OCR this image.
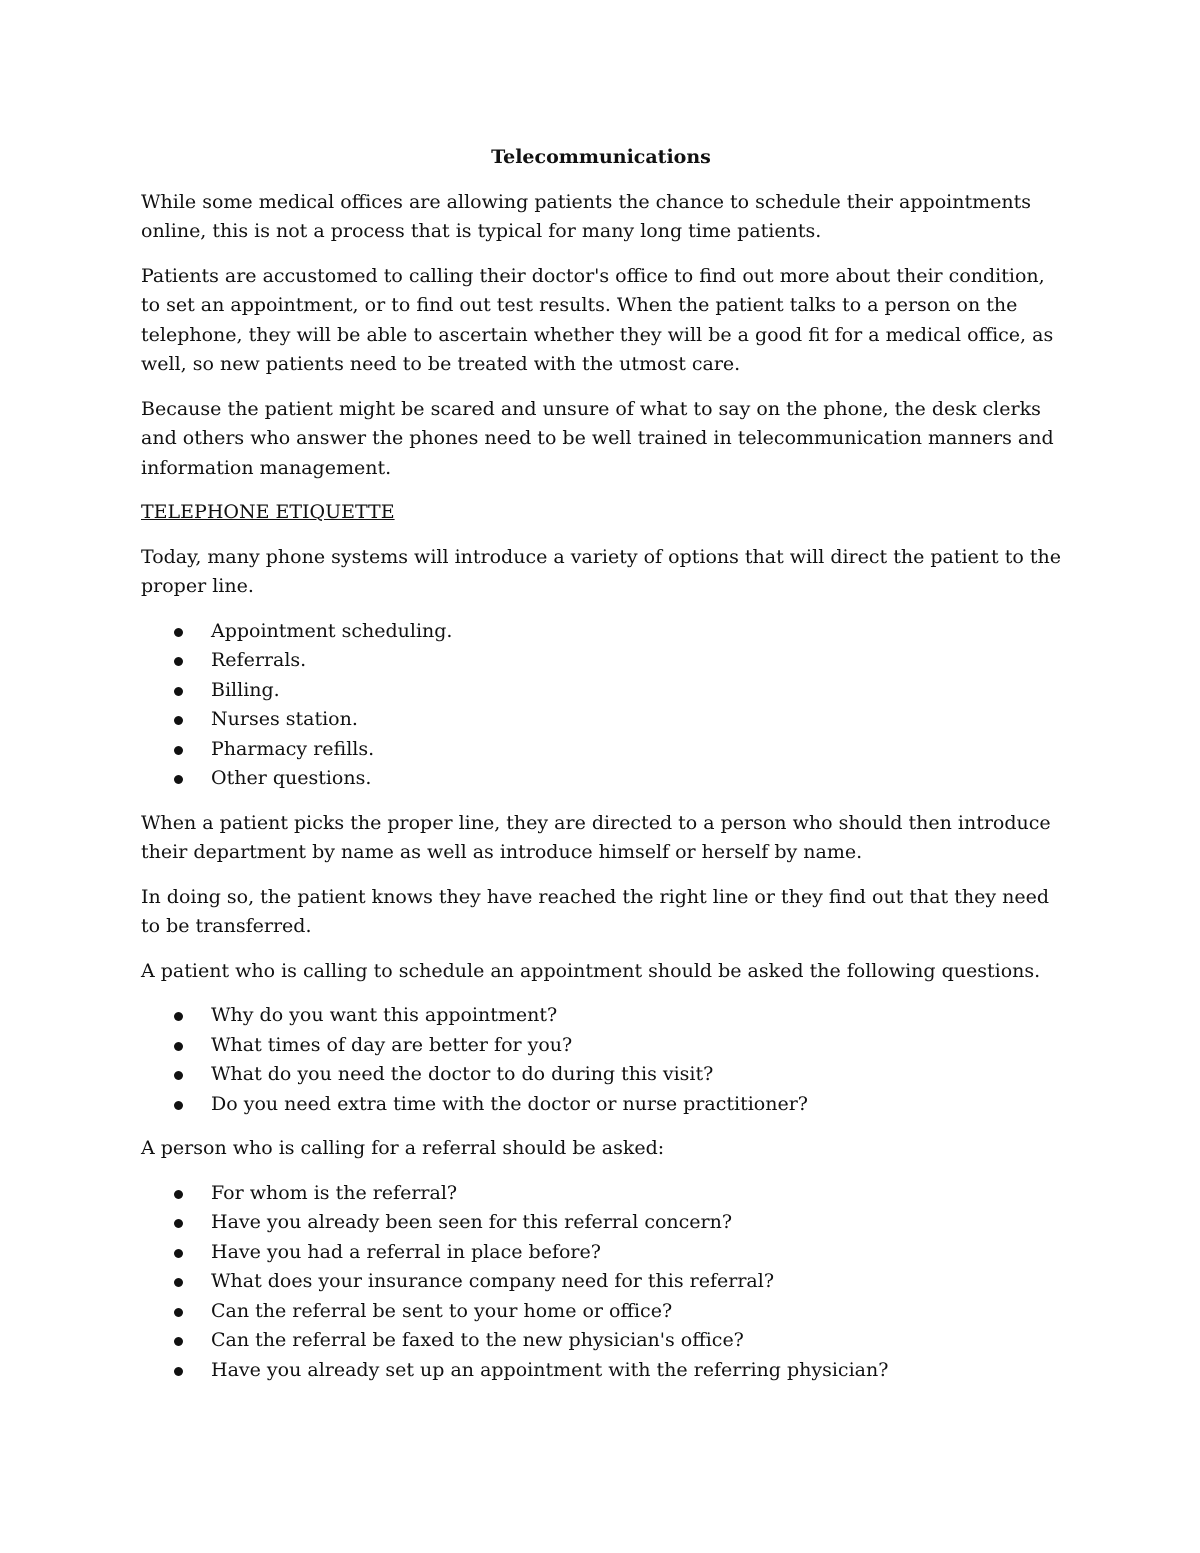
Telecommunications

While some medical offices are allowing patients the chance to schedule their appointments online, this is not a process that is typical for many long time patients.

Patients are accustomed to calling their doctor's office to find out more about their condition, to set an appointment, or to find out test results. When the patient talks to a person on the telephone, they will be able to ascertain whether they will be a good fit for a medical office, as well, so new patients need to be treated with the utmost care.

Because the patient might be scared and unsure of what to say on the phone, the desk clerks and others who answer the phones need to be well trained in telecommunication manners and information management.

TELEPHONE ETIQUETTE

Today, many phone systems will introduce a variety of options that will direct the patient to the proper line.

Appointment scheduling.
Referrals.
Billing.
Nurses station.
Pharmacy refills.
Other questions.

When a patient picks the proper line, they are directed to a person who should then introduce their department by name as well as introduce himself or herself by name.

In doing so, the patient knows they have reached the right line or they find out that they need to be transferred.

A patient who is calling to schedule an appointment should be asked the following questions.

Why do you want this appointment?
What times of day are better for you?
What do you need the doctor to do during this visit?
Do you need extra time with the doctor or nurse practitioner?

A person who is calling for a referral should be asked:

For whom is the referral?
Have you already been seen for this referral concern?
Have you had a referral in place before?
What does your insurance company need for this referral?
Can the referral be sent to your home or office?
Can the referral be faxed to the new physician's office?
Have you already set up an appointment with the referring physician?
